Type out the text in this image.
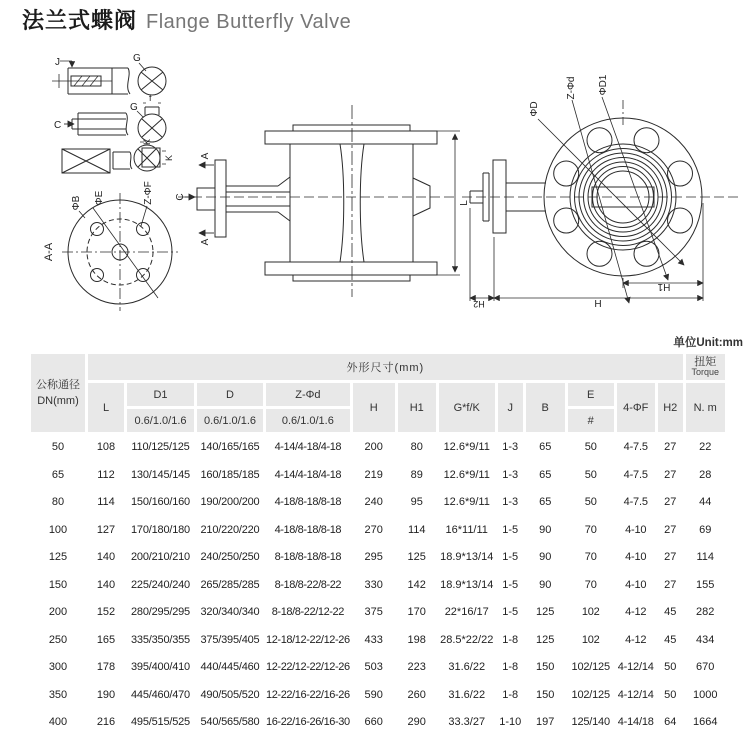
法兰式蝶阀 Flange Butterfly Valve
J	G
C
G
f
K
K
A-A
ΦB ΦE	Z-ΦF C
A
A
L
ΦD
Z-Φd ΦD1
H1
H
H2
单位Unit:mm
公称通径
DN(mm)	外形尺寸(mm)												扭矩
Torque

	L	D1	D	Z-Φd	H	H1	G*f/K	J	B	E	4-ΦF	H2	N. m
		0.6/1.0/1.6	0.6/1.0/1.6	0.6/1.0/1.6						#			
50	108	110/125/125	140/165/165	4-14/4-18/4-18	200	80	12.6*9/11	1-3	65	50	4-7.5	27	22
65	112	130/145/145	160/185/185	4-14/4-18/4-18	219	89	12.6*9/11	1-3	65	50	4-7.5	27	28
80	114	150/160/160	190/200/200	4-18/8-18/8-18	240	95	12.6*9/11	1-3	65	50	4-7.5	27	44
100	127	170/180/180	210/220/220	4-18/8-18/8-18	270	114	16*11/11	1-5	90	70	4-10	27	69
125	140	200/210/210	240/250/250	8-18/8-18/8-18	295	125	18.9*13/14	1-5	90	70	4-10	27	114
150	140	225/240/240	265/285/285	8-18/8-22/8-22	330	142	18.9*13/14	1-5	90	70	4-10	27	155
200	152	280/295/295	320/340/340	8-18/8-22/12-22	375	170	22*16/17	1-5	125	102	4-12	45	282
250	165	335/350/355	375/395/405	12-18/12-22/12-26	433	198	28.5*22/22	1-8	125	102	4-12	45	434
300	178	395/400/410	440/445/460	12-22/12-22/12-26	503	223	31.6/22	1-8	150	102/125	4-12/14	50	670
350	190	445/460/470	490/505/520	12-22/16-22/16-26	590	260	31.6/22	1-8	150	102/125	4-12/14	50	1000
400	216	495/515/525	540/565/580	16-22/16-26/16-30	660	290	33.3/27	1-10	197	125/140	4-14/18	64	1664
